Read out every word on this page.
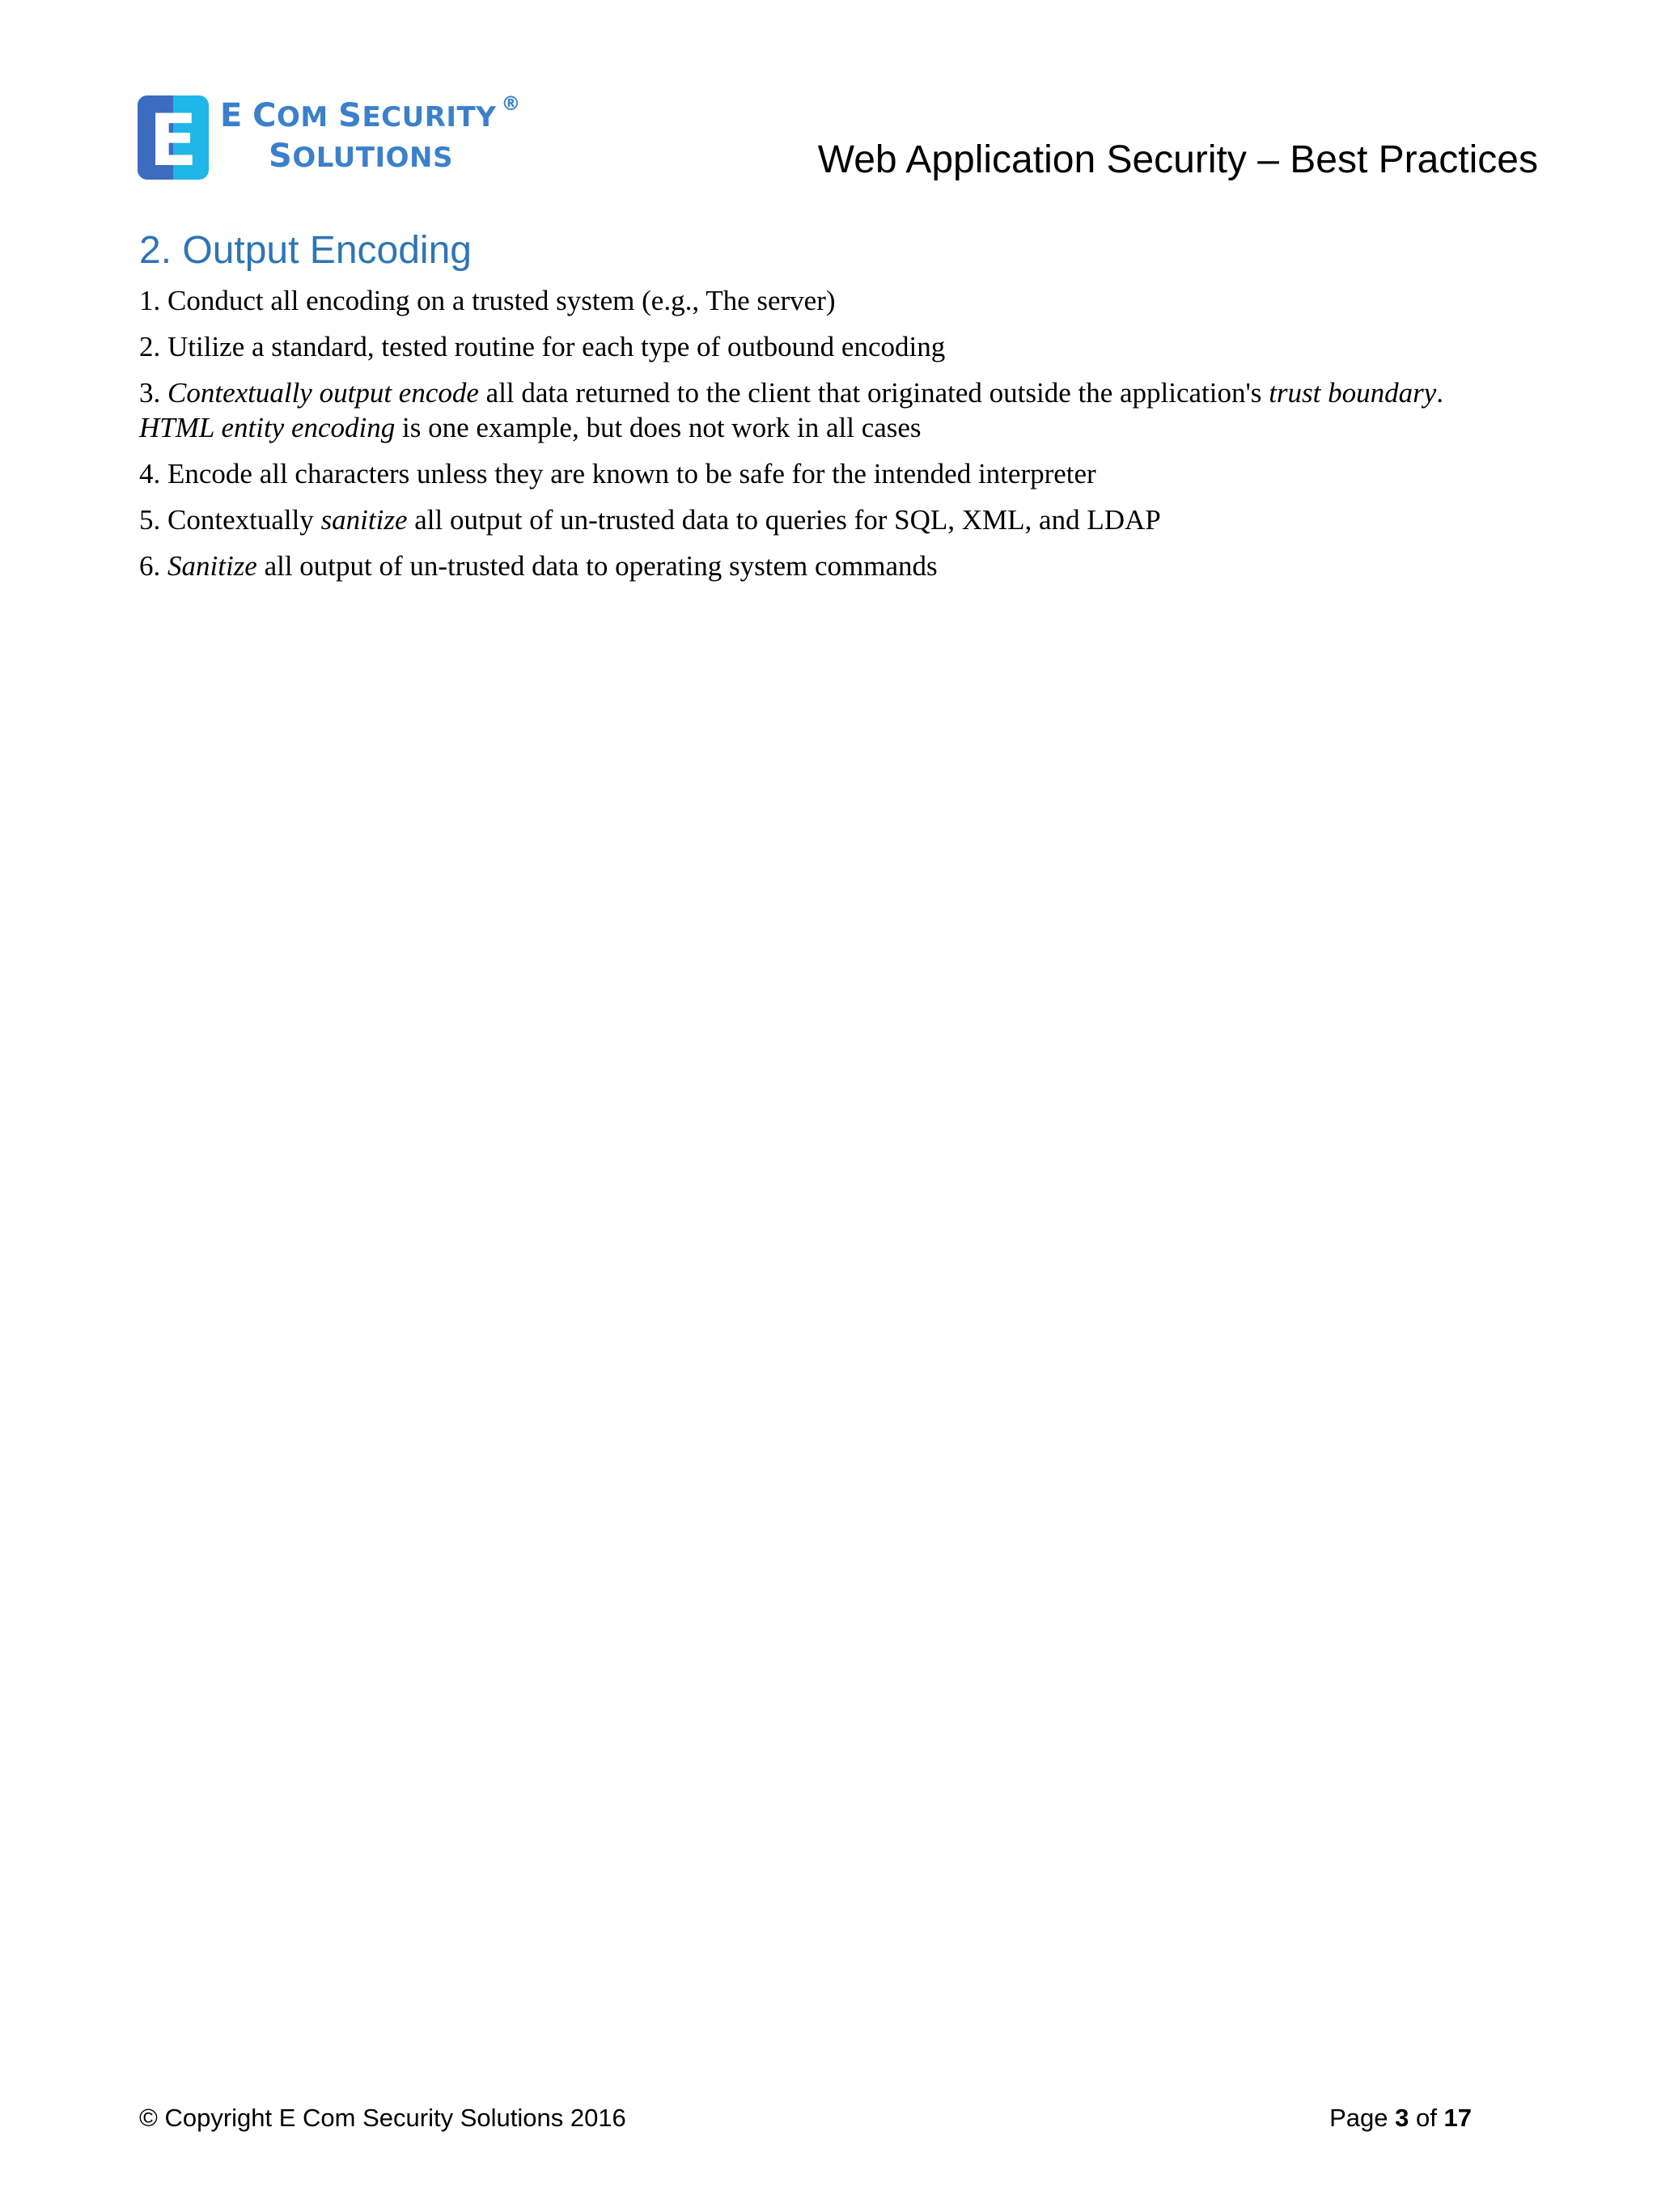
E E COM SECURITY ®
SOLUTIONS	Web Application Security – Best Practices
2. Output Encoding

1. Conduct all encoding on a trusted system (e.g., The server)

2. Utilize a standard, tested routine for each type of outbound encoding

3. Contextually output encode all data returned to the client that originated outside the application's trust boundary.
HTML entity encoding is one example, but does not work in all cases

4. Encode all characters unless they are known to be safe for the intended interpreter

5. Contextually sanitize all output of un-trusted data to queries for SQL, XML, and LDAP

6. Sanitize all output of un-trusted data to operating system commands

© Copyright E Com Security Solutions 2016	Page 3 of 17
